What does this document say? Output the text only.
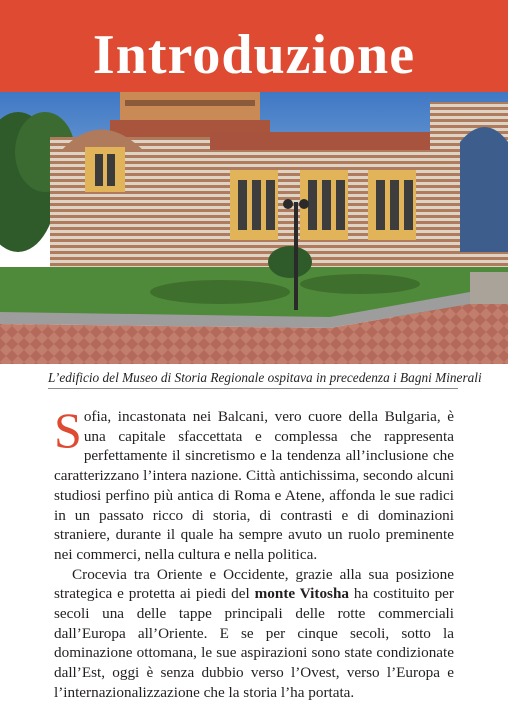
Introduzione
L’edificio del Museo di Storia Regionale ospitava in precedenza i Bagni Minerali

Sofia, incastonata nei Balcani, vero cuore della Bulgaria, è una capitale sfaccettata e complessa che rappresenta perfettamente il sincretismo e la tendenza all’inclusione che caratterizzano l’intera nazione. Città antichissima, secondo alcuni studiosi perfino più antica di Roma e Atene, affonda le sue radici in un passato ricco di storia, di contrasti e di dominazioni straniere, durante il quale ha sempre avuto un ruolo preminente nei commerci, nella cultura e nella politica.

Crocevia tra Oriente e Occidente, grazie alla sua posizione strategica e protetta ai piedi del monte Vitosha ha costituito per secoli una delle tappe principali delle rotte commerciali dall’Europa all’Oriente. E se per cinque secoli, sotto la dominazione ottomana, le sue aspirazioni sono state condizionate dall’Est, oggi è senza dubbio verso l’Ovest, verso l’Europa e l’internazionalizzazione che la storia l’ha portata.
